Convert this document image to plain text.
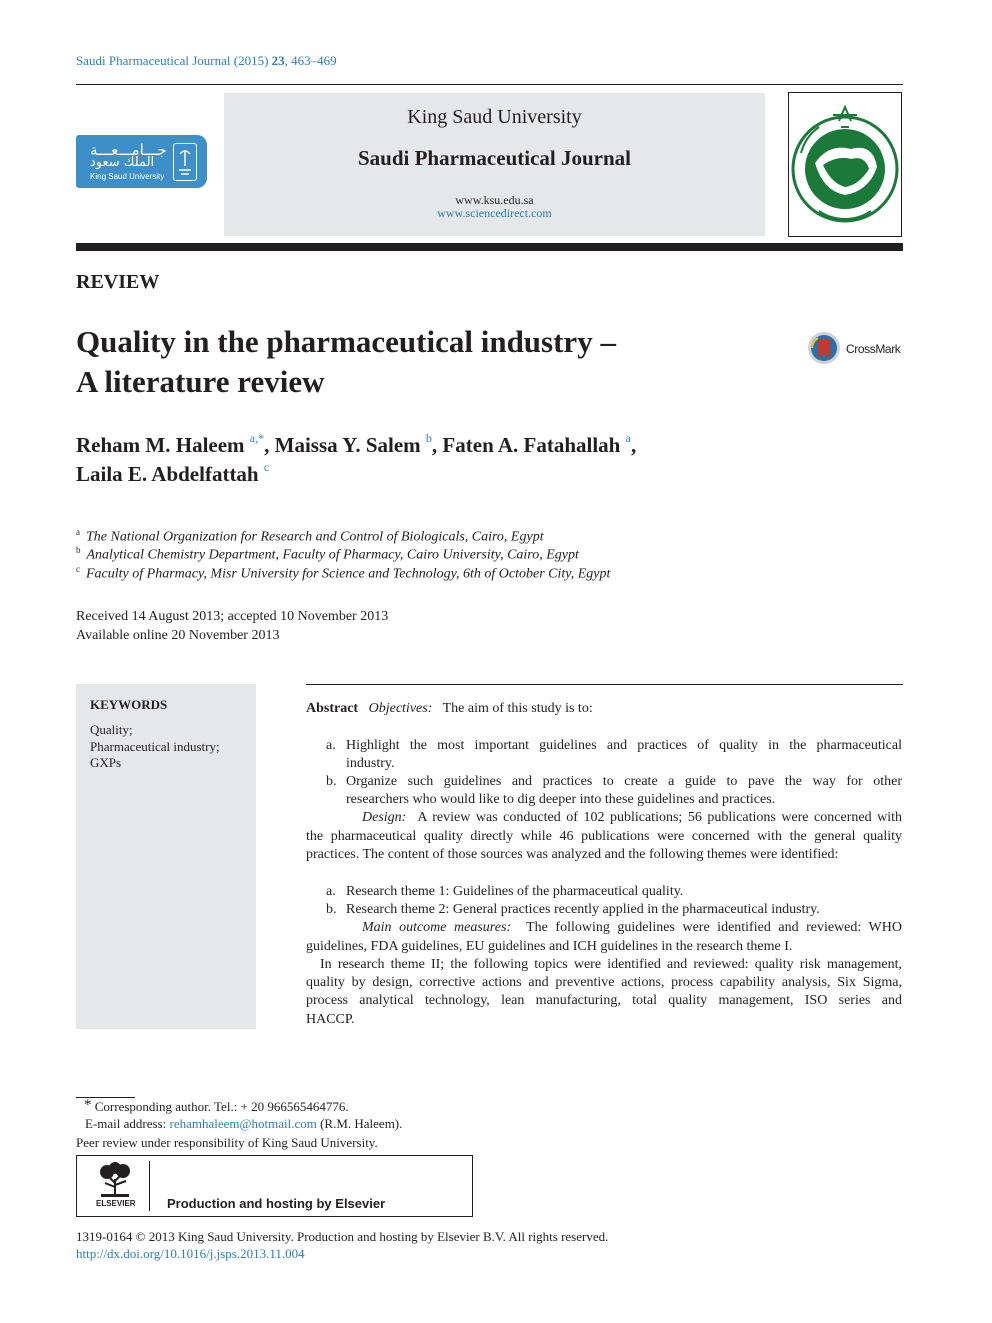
Saudi Pharmaceutical Journal (2015) 23, 463–469
جـــامـــعـــة
الملك سعود
King Saud University
King Saud University
Saudi Pharmaceutical Journal
www.ksu.edu.sa
www.sciencedirect.com
REVIEW
Quality in the pharmaceutical industry –
A literature review
CrossMark
Reham M. Haleem $^{a,*}$, Maissa Y. Salem $^b$, Faten A. Fatahallah $^a$,
Laila E. Abdelfattah $^c$
$^a$ The National Organization for Research and Control of Biologicals, Cairo, Egypt
$^b$ Analytical Chemistry Department, Faculty of Pharmacy, Cairo University, Cairo, Egypt
$^c$ Faculty of Pharmacy, Misr University for Science and Technology, 6th of October City, Egypt
Received 14 August 2013; accepted 10 November 2013
Available online 20 November 2013
KEYWORDS
Quality;
Pharmaceutical industry;
GXPs
Abstract Objectives: The aim of this study is to:
a. Highlight the most important guidelines and practices of quality in the pharmaceutical
industry.
b. Organize such guidelines and practices to create a guide to pave the way for other
researchers who would like to dig deeper into these guidelines and practices.
Design: A review was conducted of 102 publications; 56 publications were concerned with
the pharmaceutical quality directly while 46 publications were concerned with the general quality
practices. The content of those sources was analyzed and the following themes were identified:
a. Research theme 1: Guidelines of the pharmaceutical quality.
b. Research theme 2: General practices recently applied in the pharmaceutical industry.
Main outcome measures: The following guidelines were identified and reviewed: WHO
guidelines, FDA guidelines, EU guidelines and ICH guidelines in the research theme I.
In research theme II; the following topics were identified and reviewed: quality risk management,
quality by design, corrective actions and preventive actions, process capability analysis, Six Sigma,
process analytical technology, lean manufacturing, total quality management, ISO series and
HACCP.
* Corresponding author. Tel.: + 20 966565464776.
E-mail address: rehamhaleem@hotmail.com (R.M. Haleem).
Peer review under responsibility of King Saud University.
ELSEVIER Production and hosting by Elsevier
1319-0164 © 2013 King Saud University. Production and hosting by Elsevier B.V. All rights reserved.
http://dx.doi.org/10.1016/j.jsps.2013.11.004
